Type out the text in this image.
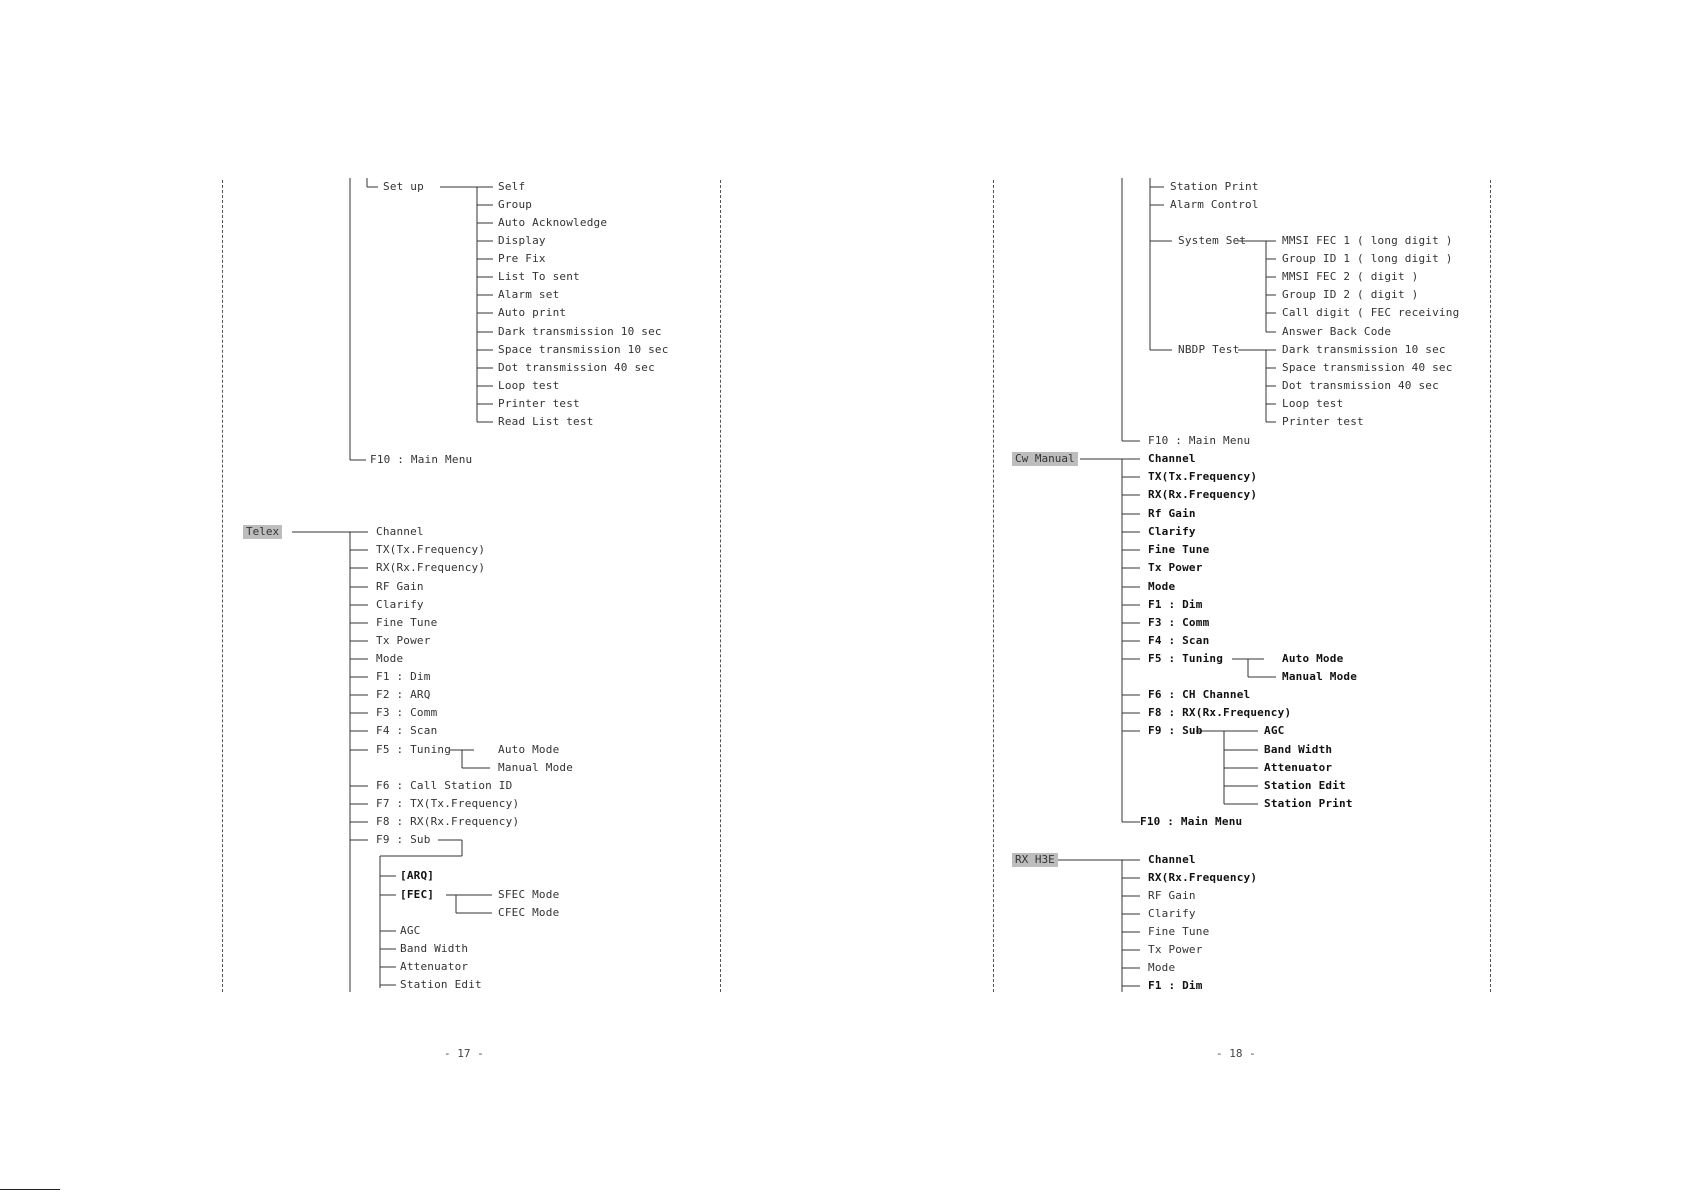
Set up	Self
Group
Auto Acknowledge
Display
Pre Fix
List To sent
Alarm set
Auto print
Dark transmission 10 sec
Space transmission 10 sec
Dot transmission 40 sec
Loop test
Printer test
Read List test
F10 : Main Menu
Telex	Channel
TX(Tx.Frequency)
RX(Rx.Frequency)
RF Gain
Clarify
Fine Tune
Tx Power
Mode
F1 : Dim
F2 : ARQ
F3 : Comm
F4 : Scan
F5 : Tuning	Auto Mode
Manual Mode
F6 : Call Station ID
F7 : TX(Tx.Frequency)
F8 : RX(Rx.Frequency)
F9 : Sub
[ARQ]
[FEC]	SFEC Mode
CFEC Mode
AGC
Band Width
Attenuator
Station Edit
- 17 -
Station Print
Alarm Control
System Set	MMSI FEC 1 ( long digit )
Group ID 1 ( long digit )
MMSI FEC 2 ( digit )
Group ID 2 ( digit )
Call digit ( FEC receiving
Answer Back Code
NBDP Test	Dark transmission 10 sec
Space transmission 40 sec
Dot transmission 40 sec
Loop test
Printer test
F10 : Main Menu
Cw Manual	Channel
TX(Tx.Frequency)
RX(Rx.Frequency)
Rf Gain
Clarify
Fine Tune
Tx Power
Mode
F1 : Dim
F3 : Comm
F4 : Scan
F5 : Tuning	Auto Mode
Manual Mode
F6 : CH Channel
F8 : RX(Rx.Frequency)
F9 : Sub	AGC
Band Width
Attenuator
Station Edit
Station Print
F10 : Main Menu
RX H3E	Channel
RX(Rx.Frequency)
RF Gain
Clarify
Fine Tune
Tx Power
Mode
F1 : Dim
- 18 -
